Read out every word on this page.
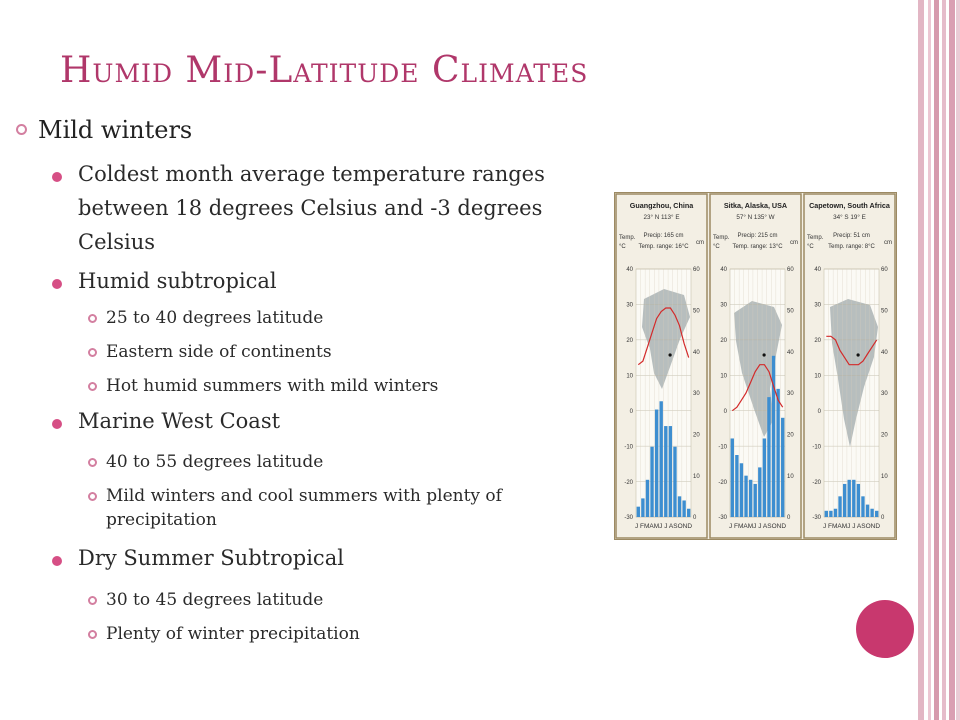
Humid Mid-Latitude Climates
Mild winters
Coldest month average temperature ranges between 18 degrees Celsius and -3 degrees Celsius
Humid subtropical
25 to 40 degrees latitude
Eastern side of continents
Hot humid summers with mild winters
Marine West Coast
40 to 55 degrees latitude
Mild winters and cool summers with plenty of precipitation
Dry Summer Subtropical
30 to 45 degrees latitude
Plenty of winter precipitation
Guangzhou, China
23° N 113° E
Precip: 165 cm
Temp. range: 16°C
Temp.
°C
cm
40
30
20
10
0
-10
-20
-30
60
50
40
30
20
10
0
J FMAMJ J ASOND
Sitka, Alaska, USA
57° N 135° W
Precip: 215 cm
Temp. range: 13°C
Temp.
°C
cm
40
30
20
10
0
-10
-20
-30
60
50
40
30
20
10
0
J FMAMJ J ASOND
Capetown, South Africa
34° S 19° E
Precip: 51 cm
Temp. range: 8°C
Temp.
°C
cm
40
30
20
10
0
-10
-20
-30
60
50
40
30
20
10
0
J FMAMJ J ASOND
